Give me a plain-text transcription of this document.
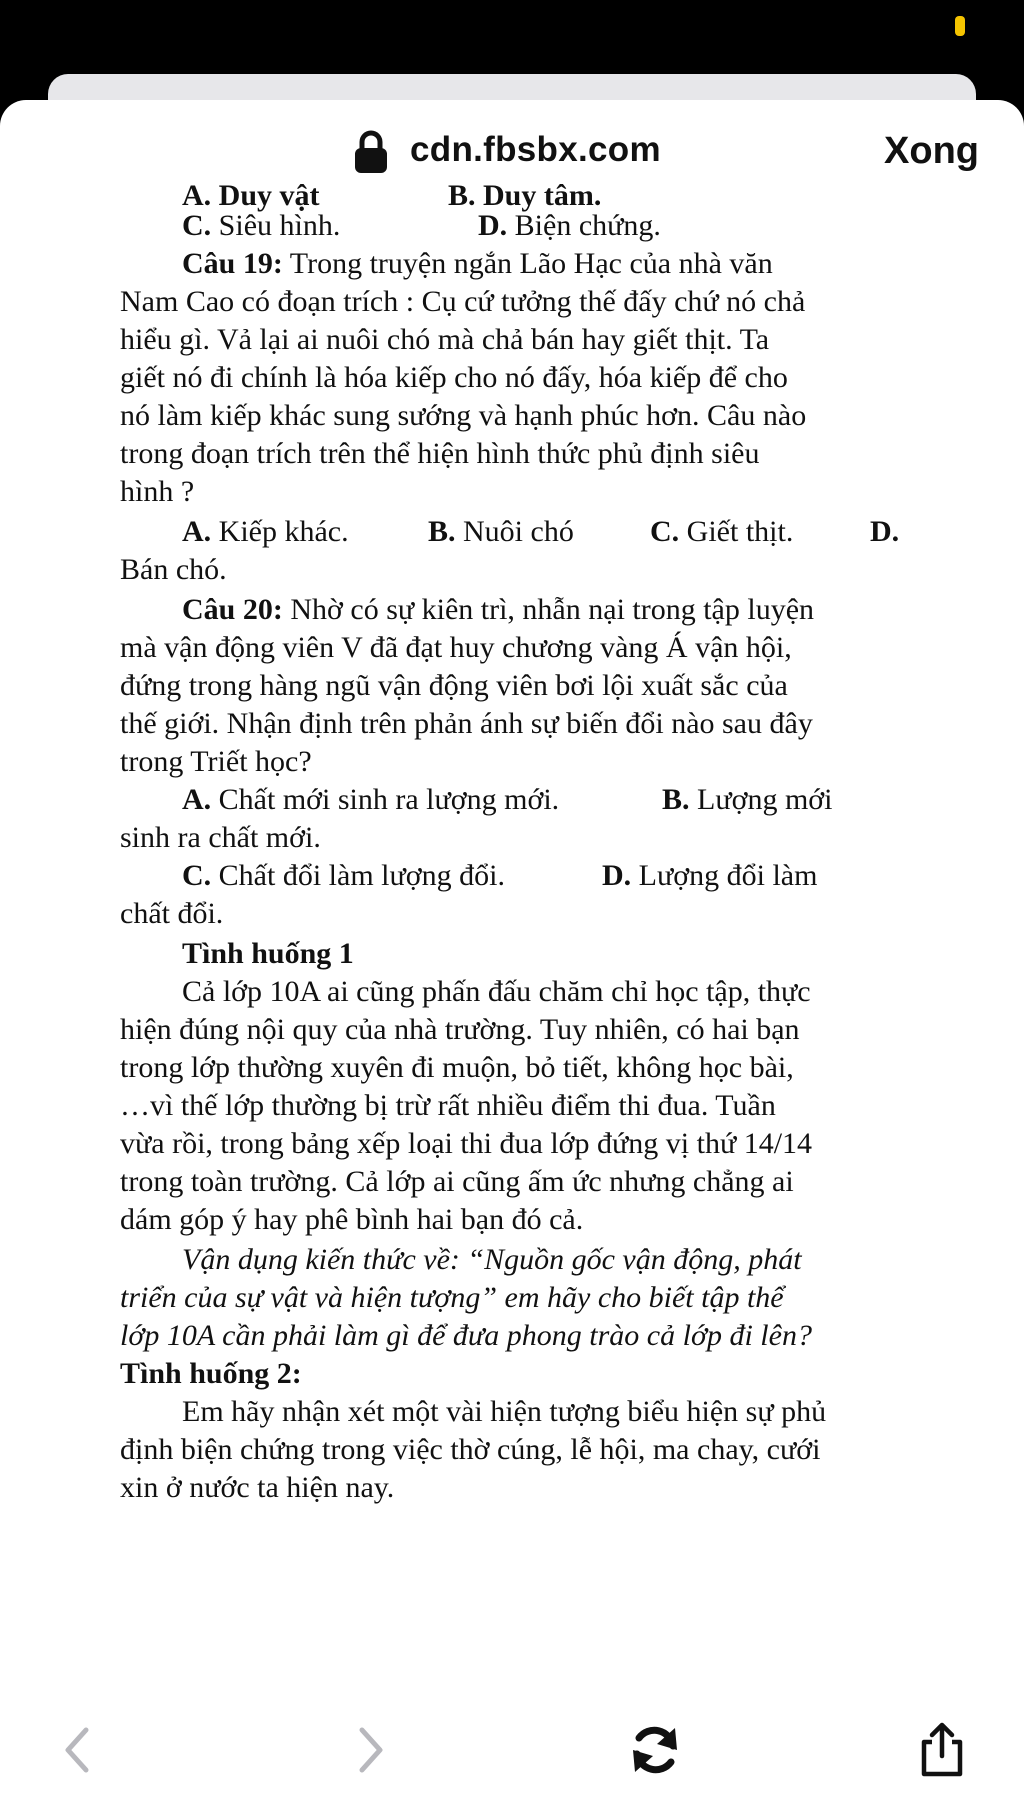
cdn.fbsbx.com	Xong
A. Duy vật	B. Duy tâm.
C. Siêu hình.	D. Biện chứng.
Câu 19: Trong truyện ngắn Lão Hạc của nhà văn
Nam Cao có đoạn trích : Cụ cứ tưởng thế đấy chứ nó chả
hiểu gì. Vả lại ai nuôi chó mà chả bán hay giết thịt. Ta
giết nó đi chính là hóa kiếp cho nó đấy, hóa kiếp để cho
nó làm kiếp khác sung sướng và hạnh phúc hơn. Câu nào
trong đoạn trích trên thể hiện hình thức phủ định siêu
hình ?
A. Kiếp khác.	B. Nuôi chó	C. Giết thịt.	D.
Bán chó.
Câu 20: Nhờ có sự kiên trì, nhẫn nại trong tập luyện
mà vận động viên V đã đạt huy chương vàng Á vận hội,
đứng trong hàng ngũ vận động viên bơi lội xuất sắc của
thế giới. Nhận định trên phản ánh sự biến đổi nào sau đây
trong Triết học?
A. Chất mới sinh ra lượng mới.	B. Lượng mới
sinh ra chất mới.
C. Chất đổi làm lượng đổi.	D. Lượng đổi làm
chất đổi.
Tình huống 1
Cả lớp 10A ai cũng phấn đấu chăm chỉ học tập, thực
hiện đúng nội quy của nhà trường. Tuy nhiên, có hai bạn
trong lớp thường xuyên đi muộn, bỏ tiết, không học bài,
…vì thế lớp thường bị trừ rất nhiều điểm thi đua. Tuần
vừa rồi, trong bảng xếp loại thi đua lớp đứng vị thứ 14/14
trong toàn trường. Cả lớp ai cũng ấm ức nhưng chẳng ai
dám góp ý hay phê bình hai bạn đó cả.
Vận dụng kiến thức về: “Nguồn gốc vận động, phát
triển của sự vật và hiện tượng” em hãy cho biết tập thể
lớp 10A cần phải làm gì để đưa phong trào cả lớp đi lên?
Tình huống 2:
Em hãy nhận xét một vài hiện tượng biểu hiện sự phủ
định biện chứng trong việc thờ cúng, lễ hội, ma chay, cưới
xin ở nước ta hiện nay.
